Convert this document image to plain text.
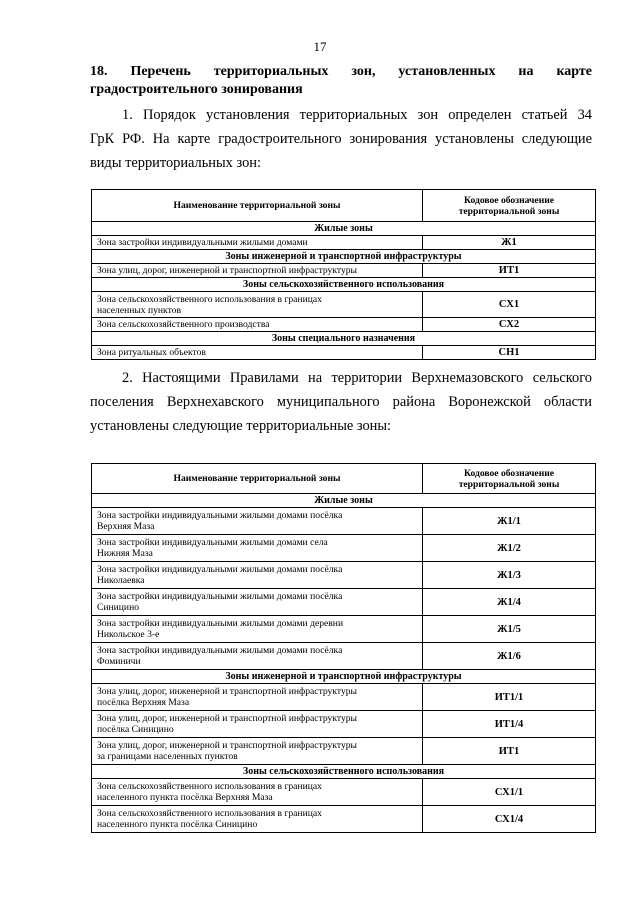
17
18. Перечень территориальных зон, установленных на карте градостроительного зонирования
1. Порядок установления территориальных зон определен статьей 34
ГрК РФ. На карте градостроительного зонирования установлены следующие
виды территориальных зон:
Наименование территориальной зоны	Кодовое обозначение
территориальной зоны
Жилые зоны	
Зона застройки индивидуальными жилыми домами	Ж1
Зоны инженерной и транспортной инфраструктуры	
Зона улиц, дорог, инженерной и транспортной инфраструктуры	ИТ1
Зоны сельскохозяйственного использования	
Зона сельскохозяйственного использования в границах
населенных пунктов	СХ1
Зона сельскохозяйственного производства	СХ2
Зоны специального назначения	
Зона ритуальных объектов	СН1
2. Настоящими Правилами на территории Верхнемазовского сельского
поселения Верхнехавского муниципального района Воронежской области
установлены следующие территориальные зоны:
Наименование территориальной зоны	Кодовое обозначение
территориальной зоны
Жилые зоны	
Зона застройки индивидуальными жилыми домами посёлка
Верхняя Маза	Ж1/1
Зона застройки индивидуальными жилыми домами села
Нижняя Маза	Ж1/2
Зона застройки индивидуальными жилыми домами посёлка
Николаевка	Ж1/3
Зона застройки индивидуальными жилыми домами посёлка
Синицино	Ж1/4
Зона застройки индивидуальными жилыми домами деревни
Никольское 3-е	Ж1/5
Зона застройки индивидуальными жилыми домами посёлка
Фоминичи	Ж1/6
Зоны инженерной и транспортной инфраструктуры	
Зона улиц, дорог, инженерной и транспортной инфраструктуры
посёлка Верхняя Маза	ИТ1/1
Зона улиц, дорог, инженерной и транспортной инфраструктуры
посёлка Синицино	ИТ1/4
Зона улиц, дорог, инженерной и транспортной инфраструктуры
за границами населенных пунктов	ИТ1
Зоны сельскохозяйственного использования	
Зона сельскохозяйственного использования в границах
населенного пункта посёлка Верхняя Маза	СХ1/1
Зона сельскохозяйственного использования в границах
населенного пункта посёлка Синицино	СХ1/4
